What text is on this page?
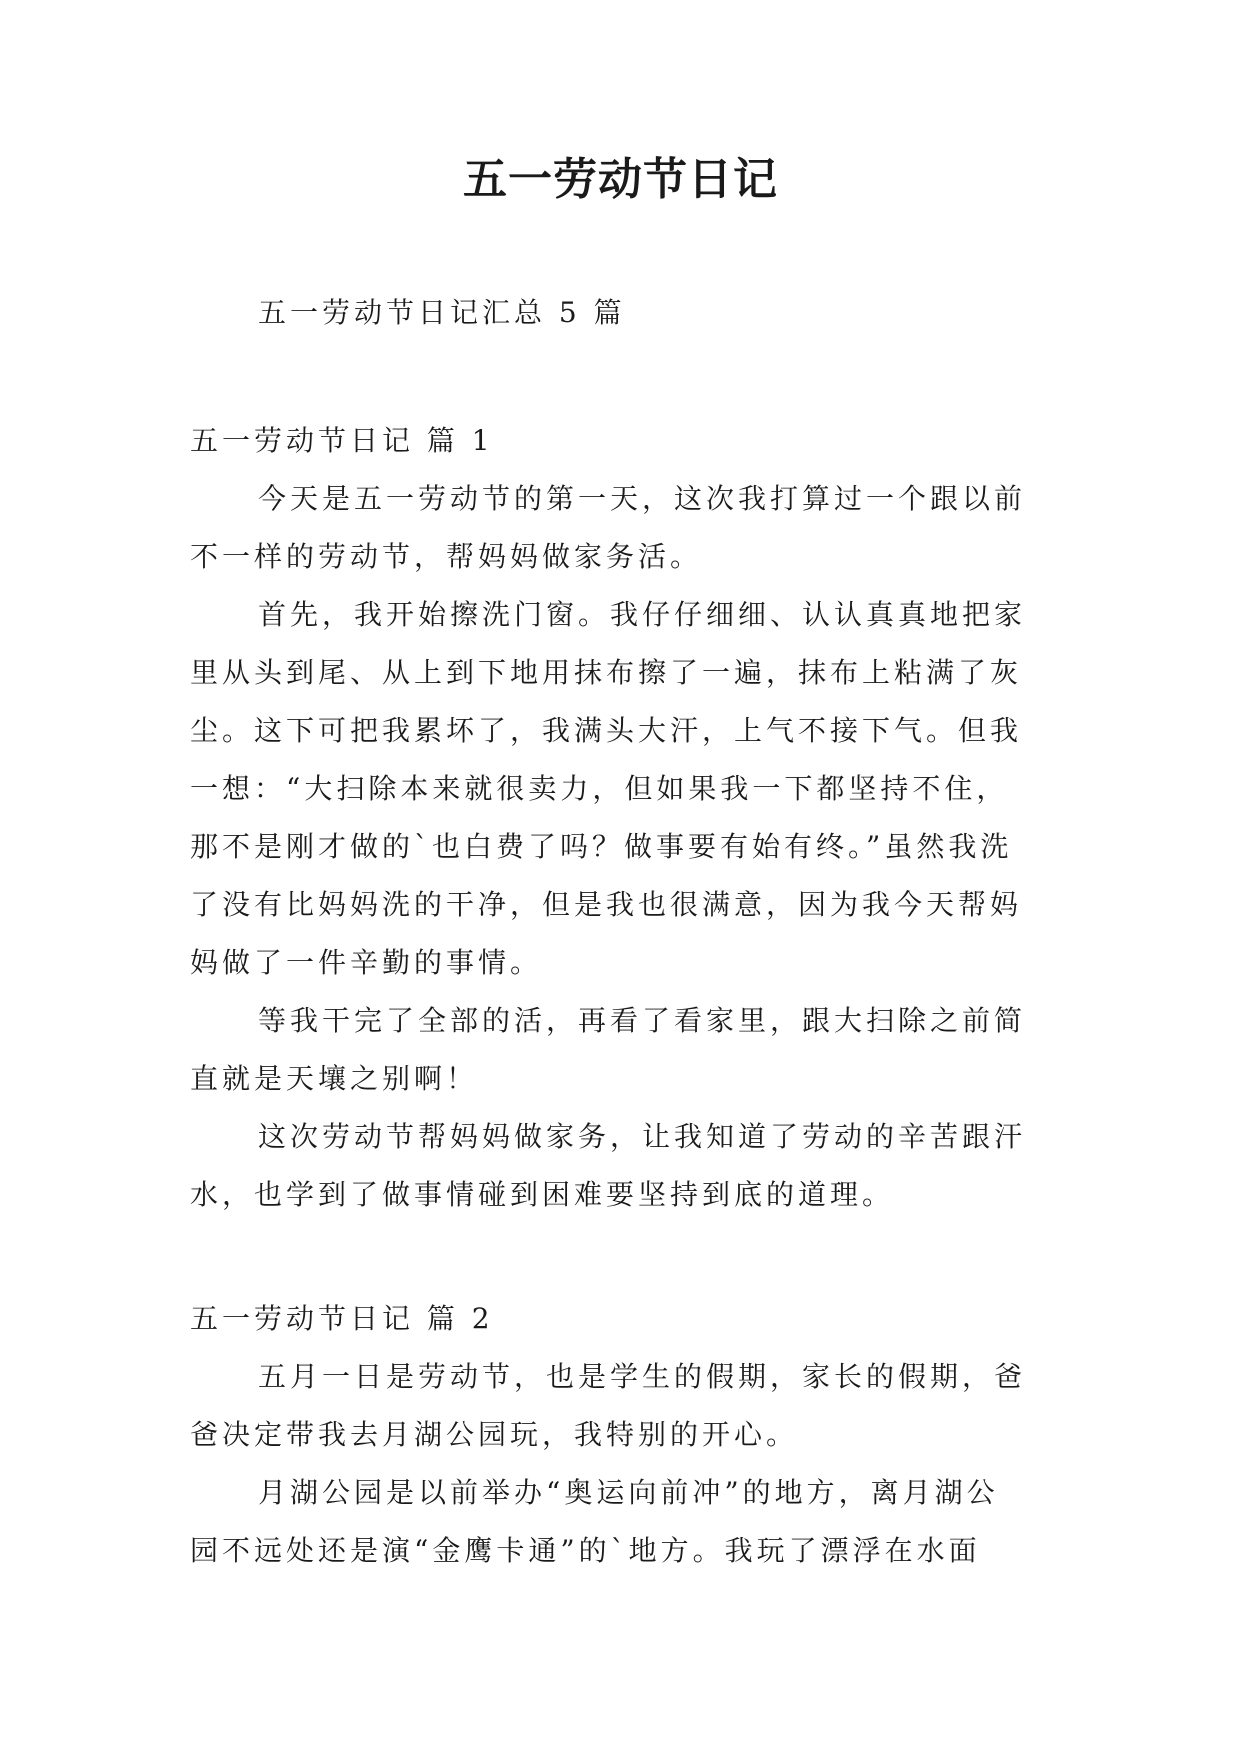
五一劳动节日记

五一劳动节日记汇总 5 篇

五一劳动节日记 篇 1

今天是五一劳动节的第一天，这次我打算过一个跟以前
不一样的劳动节，帮妈妈做家务活。

首先，我开始擦洗门窗。我仔仔细细、认认真真地把家
里从头到尾、从上到下地用抹布擦了一遍，抹布上粘满了灰
尘。这下可把我累坏了，我满头大汗，上气不接下气。但我
一想：“大扫除本来就很卖力，但如果我一下都坚持不住，
那不是刚才做的`也白费了吗？做事要有始有终。”虽然我洗
了没有比妈妈洗的干净，但是我也很满意，因为我今天帮妈
妈做了一件辛勤的事情。

等我干完了全部的活，再看了看家里，跟大扫除之前简
直就是天壤之别啊！

这次劳动节帮妈妈做家务，让我知道了劳动的辛苦跟汗
水，也学到了做事情碰到困难要坚持到底的道理。

五一劳动节日记 篇 2

五月一日是劳动节，也是学生的假期，家长的假期，爸
爸决定带我去月湖公园玩，我特别的开心。

月湖公园是以前举办“奥运向前冲”的地方，离月湖公
园不远处还是演“金鹰卡通”的`地方。我玩了漂浮在水面
